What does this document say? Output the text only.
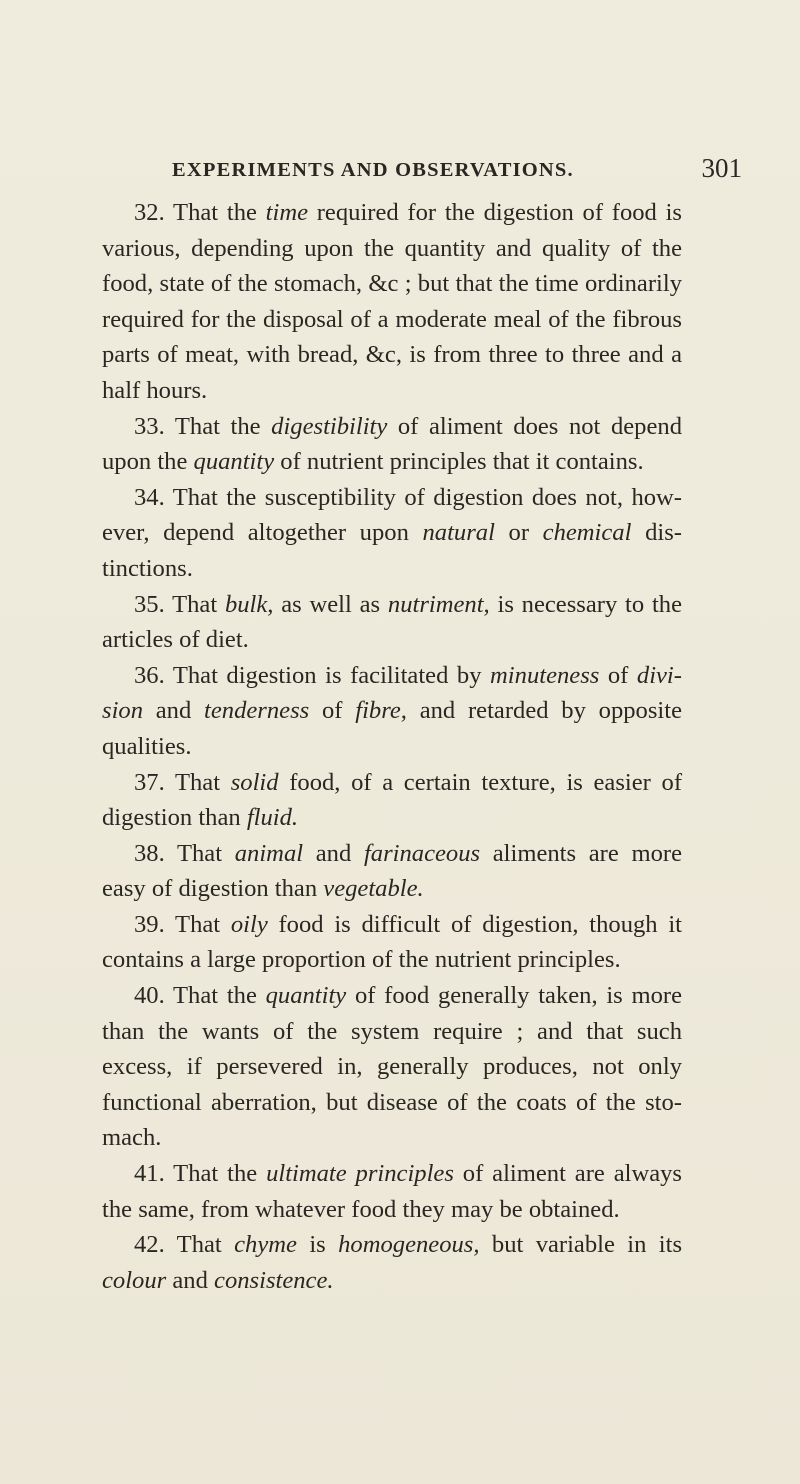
EXPERIMENTS AND OBSERVATIONS.	301

32. That the time required for the digestion of food is various, depending upon the quantity and quality of the food, state of the stomach, &c ; but that the time ordinarily required for the disposal of a moderate meal of the fibrous parts of meat, with bread, &c, is from three to three and a half hours.

33. That the digestibility of aliment does not depend upon the quantity of nutrient principles that it contains.

34. That the susceptibility of digestion does not, however, depend altogether upon natural or chemical distinctions.

35. That bulk, as well as nutriment, is necessary to the articles of diet.

36. That digestion is facilitated by minuteness of division and tenderness of fibre, and retarded by opposite qualities.

37. That solid food, of a certain texture, is easier of digestion than fluid.

38. That animal and farinaceous aliments are more easy of digestion than vegetable.

39. That oily food is difficult of digestion, though it contains a large proportion of the nutrient principles.

40. That the quantity of food generally taken, is more than the wants of the system require ; and that such excess, if persevered in, generally produces, not only functional aberration, but disease of the coats of the stomach.

41. That the ultimate principles of aliment are always the same, from whatever food they may be obtained.

42. That chyme is homogeneous, but variable in its colour and consistence.
